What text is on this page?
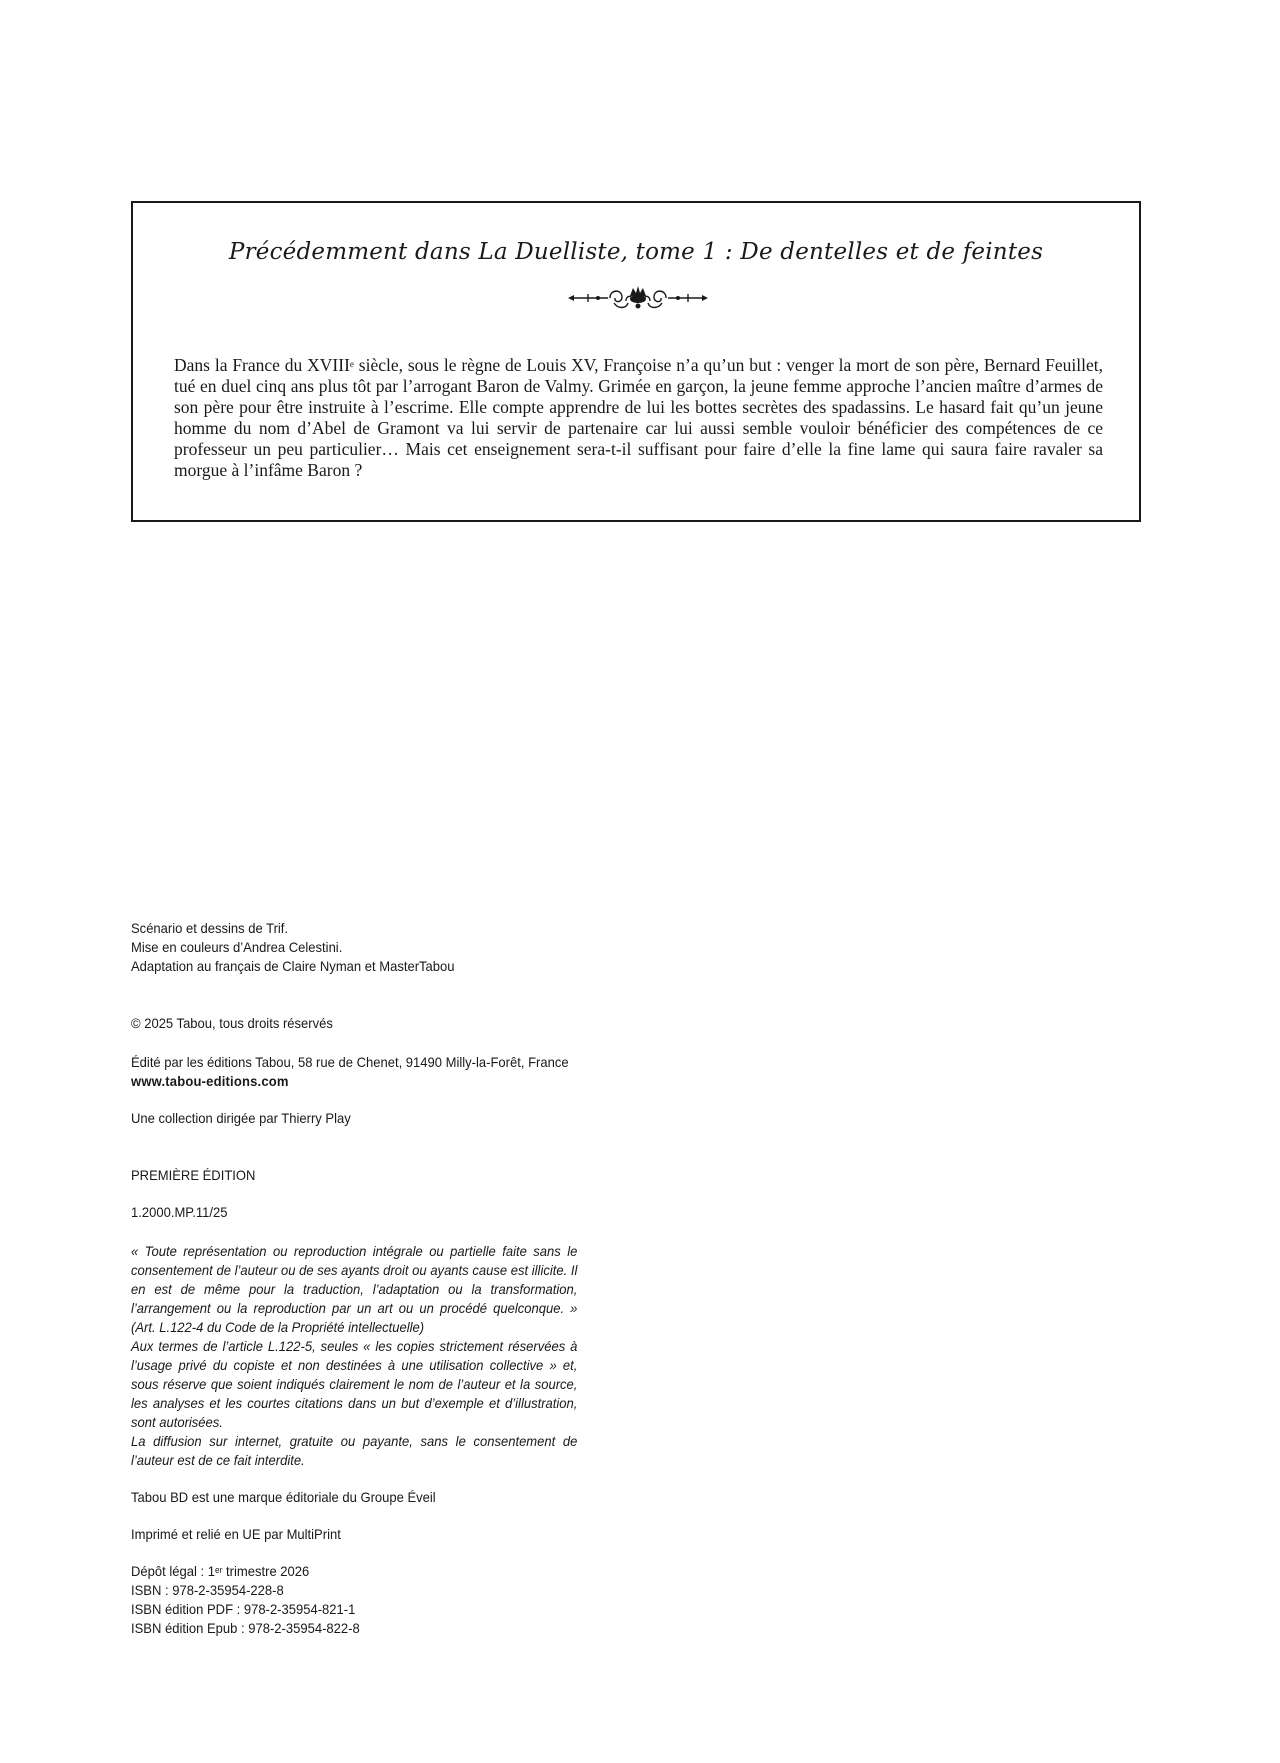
Précédemment dans La Duelliste, tome 1 : De dentelles et de feintes

Dans la France du XVIIIe siècle, sous le règne de Louis XV, Françoise n’a qu’un but : venger la mort de son père, Bernard Feuillet, tué en duel cinq ans plus tôt par l’arrogant Baron de Valmy. Grimée en garçon, la jeune femme approche l’ancien maître d’armes de son père pour être instruite à l’escrime. Elle compte apprendre de lui les bottes secrètes des spadassins. Le hasard fait qu’un jeune homme du nom d’Abel de Gramont va lui servir de partenaire car lui aussi semble vouloir bénéficier des compétences de ce professeur un peu particulier… Mais cet enseignement sera-t-il suffisant pour faire d’elle la fine lame qui saura faire ravaler sa morgue à l’infâme Baron ?

Scénario et dessins de Trif.

Mise en couleurs d’Andrea Celestini.

Adaptation au français de Claire Nyman et MasterTabou

© 2025 Tabou, tous droits réservés

Édité par les éditions Tabou, 58 rue de Chenet, 91490 Milly-la-Forêt, France

www.tabou-editions.com

Une collection dirigée par Thierry Play

PREMIÈRE ÉDITION

1.2000.MP.11/25

« Toute représentation ou reproduction intégrale ou partielle faite sans le consentement de l’auteur ou de ses ayants droit ou ayants cause est illicite. Il en est de même pour la traduction, l’adaptation ou la transformation, l’arrangement ou la reproduction par un art ou un procédé quelconque. » (Art. L.122-4 du Code de la Propriété intellectuelle)

Aux termes de l’article L.122-5, seules « les copies strictement réservées à l’usage privé du copiste et non destinées à une utilisation collective » et, sous réserve que soient indiqués clairement le nom de l’auteur et la source, les analyses et les courtes citations dans un but d’exemple et d’illustration, sont autorisées.

La diffusion sur internet, gratuite ou payante, sans le consentement de l’auteur est de ce fait interdite.

Tabou BD est une marque éditoriale du Groupe Éveil

Imprimé et relié en UE par MultiPrint

Dépôt légal : 1er trimestre 2026

ISBN : 978-2-35954-228-8

ISBN édition PDF : 978-2-35954-821-1

ISBN édition Epub : 978-2-35954-822-8
